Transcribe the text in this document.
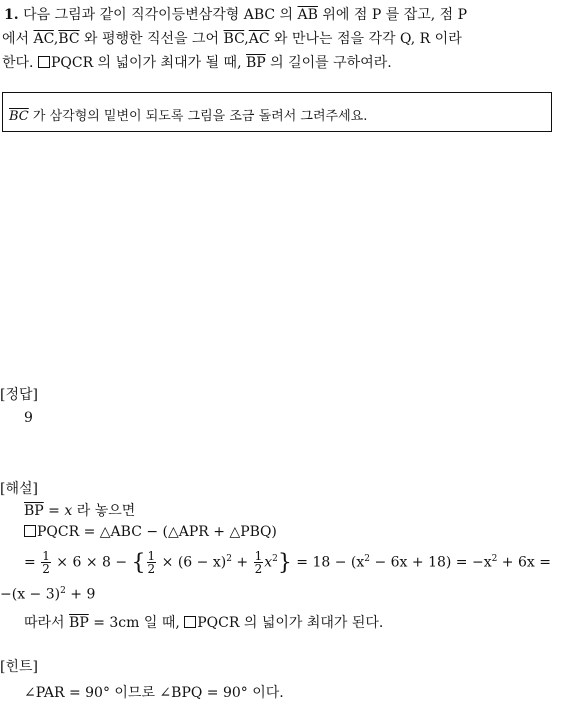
1. 다음 그림과 같이 직각이등변삼각형 ABC 의 $\overline{AB}$ 위에 점 P 를 잡고, 점 P
에서 $\overline{AC},\overline{BC}$ 와 평행한 직선을 그어 $\overline{BC},\overline{AC}$ 와 만나는 점을 각각 Q, R 이라
한다. PQCR 의 넓이가 최대가 될 때, $\overline{BP}$ 의 길이를 구하여라.
$\overline{BC}$ 가 삼각형의 밑변이 되도록 그림을 조금 돌려서 그려주세요.
[정답]
9
[해설]
$\overline{BP} = x$ 라 놓으면
PQCR = △ABC − (△APR + △PBQ)
= $\frac{1}{2} \times 6 \times 8$ − { $\frac{1}{2} \times (6 - x)^2 + \frac{1}{2} x^2\} = 18 - (x^2 - 6x + 18) = -x^2 + 6x$ =
$-(x - 3)^2 + 9$
따라서 $\overline{BP} = 3cm$ 일 때, PQCR 의 넓이가 최대가 된다.
[힌트]
∠PAR = 90° 이므로 ∠BPQ = 90° 이다.
